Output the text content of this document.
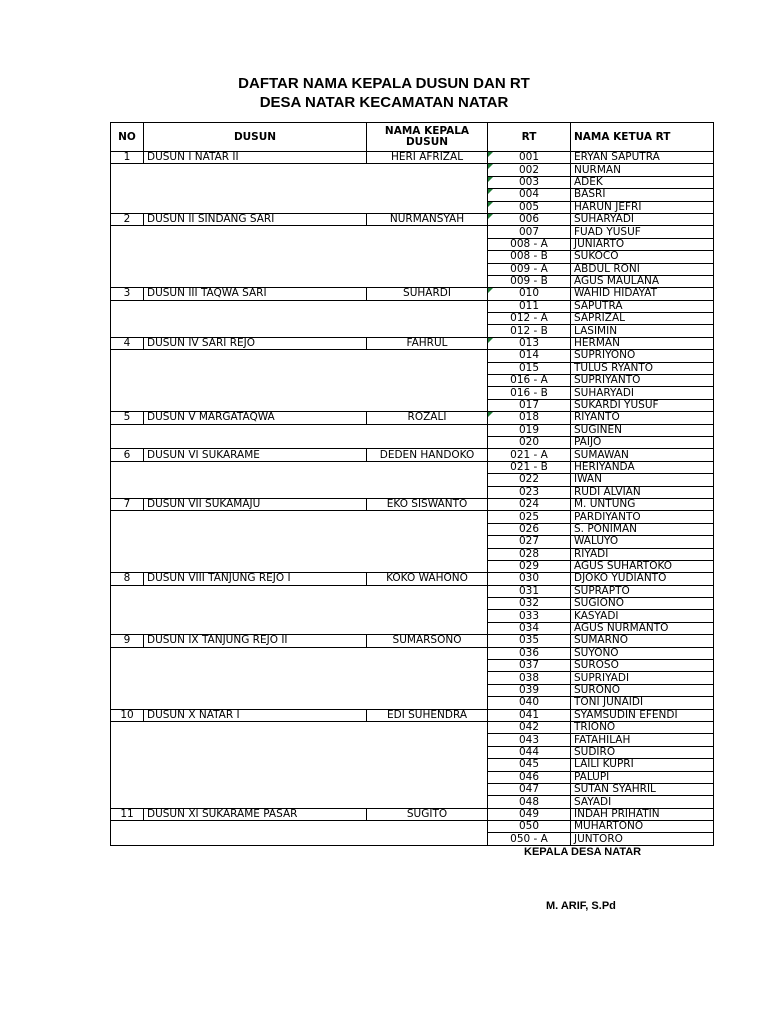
DAFTAR NAMA KEPALA DUSUN DAN RT
DESA NATAR KECAMATAN NATAR
NO	DUSUN	NAMA KEPALA DUSUN	RT	NAMA KETUA RT
1	DUSUN I NATAR II	HERI AFRIZAL	001	ERYAN SAPUTRA
			002	NURMAN
			003	ADEK
			004	BASRI
			005	HARUN JEFRI
2	DUSUN II SINDANG SARI	NURMANSYAH	006	SUHARYADI
			007	FUAD YUSUF
			008 - A	JUNIARTO
			008 - B	SUKOCO
			009 - A	ABDUL RONI
			009 - B	AGUS MAULANA
3	DUSUN III TAQWA SARI	SUHARDI	010	WAHID HIDAYAT
			011	SAPUTRA
			012 - A	SAPRIZAL
			012 - B	LASIMIN
4	DUSUN IV SARI REJO	FAHRUL	013	HERMAN
			014	SUPRIYONO
			015	TULUS RYANTO
			016 - A	SUPRIYANTO
			016 - B	SUHARYADI
			017	SUKARDI YUSUF
5	DUSUN V MARGATAQWA	ROZALI	018	RIYANTO
			019	SUGINEN
			020	PAIJO
6	DUSUN VI SUKARAME	DEDEN HANDOKO	021 - A	SUMAWAN
			021 - B	HERIYANDA
			022	IWAN
			023	RUDI ALVIAN
7	DUSUN VII SUKAMAJU	EKO SISWANTO	024	M. UNTUNG
			025	PARDIYANTO
			026	S. PONIMAN
			027	WALUYO
			028	RIYADI
			029	AGUS SUHARTOKO
8	DUSUN VIII TANJUNG REJO I	KOKO WAHONO	030	DJOKO YUDIANTO
			031	SUPRAPTO
			032	SUGIONO
			033	KASYADI
			034	AGUS NURMANTO
9	DUSUN IX TANJUNG REJO II	SUMARSONO	035	SUMARNO
			036	SUYONO
			037	SUROSO
			038	SUPRIYADI
			039	SURONO
			040	TONI JUNAIDI
10	DUSUN X NATAR I	EDI SUHENDRA	041	SYAMSUDIN EFENDI
			042	TRIONO
			043	FATAHILAH
			044	SUDIRO
			045	LAILI KUPRI
			046	PALUPI
			047	SUTAN SYAHRIL
			048	SAYADI
11	DUSUN XI SUKARAME PASAR	SUGITO	049	INDAH PRIHATIN
			050	MUHARTONO
			050 - A	JUNTORO
KEPALA DESA NATAR
M. ARIF, S.Pd
